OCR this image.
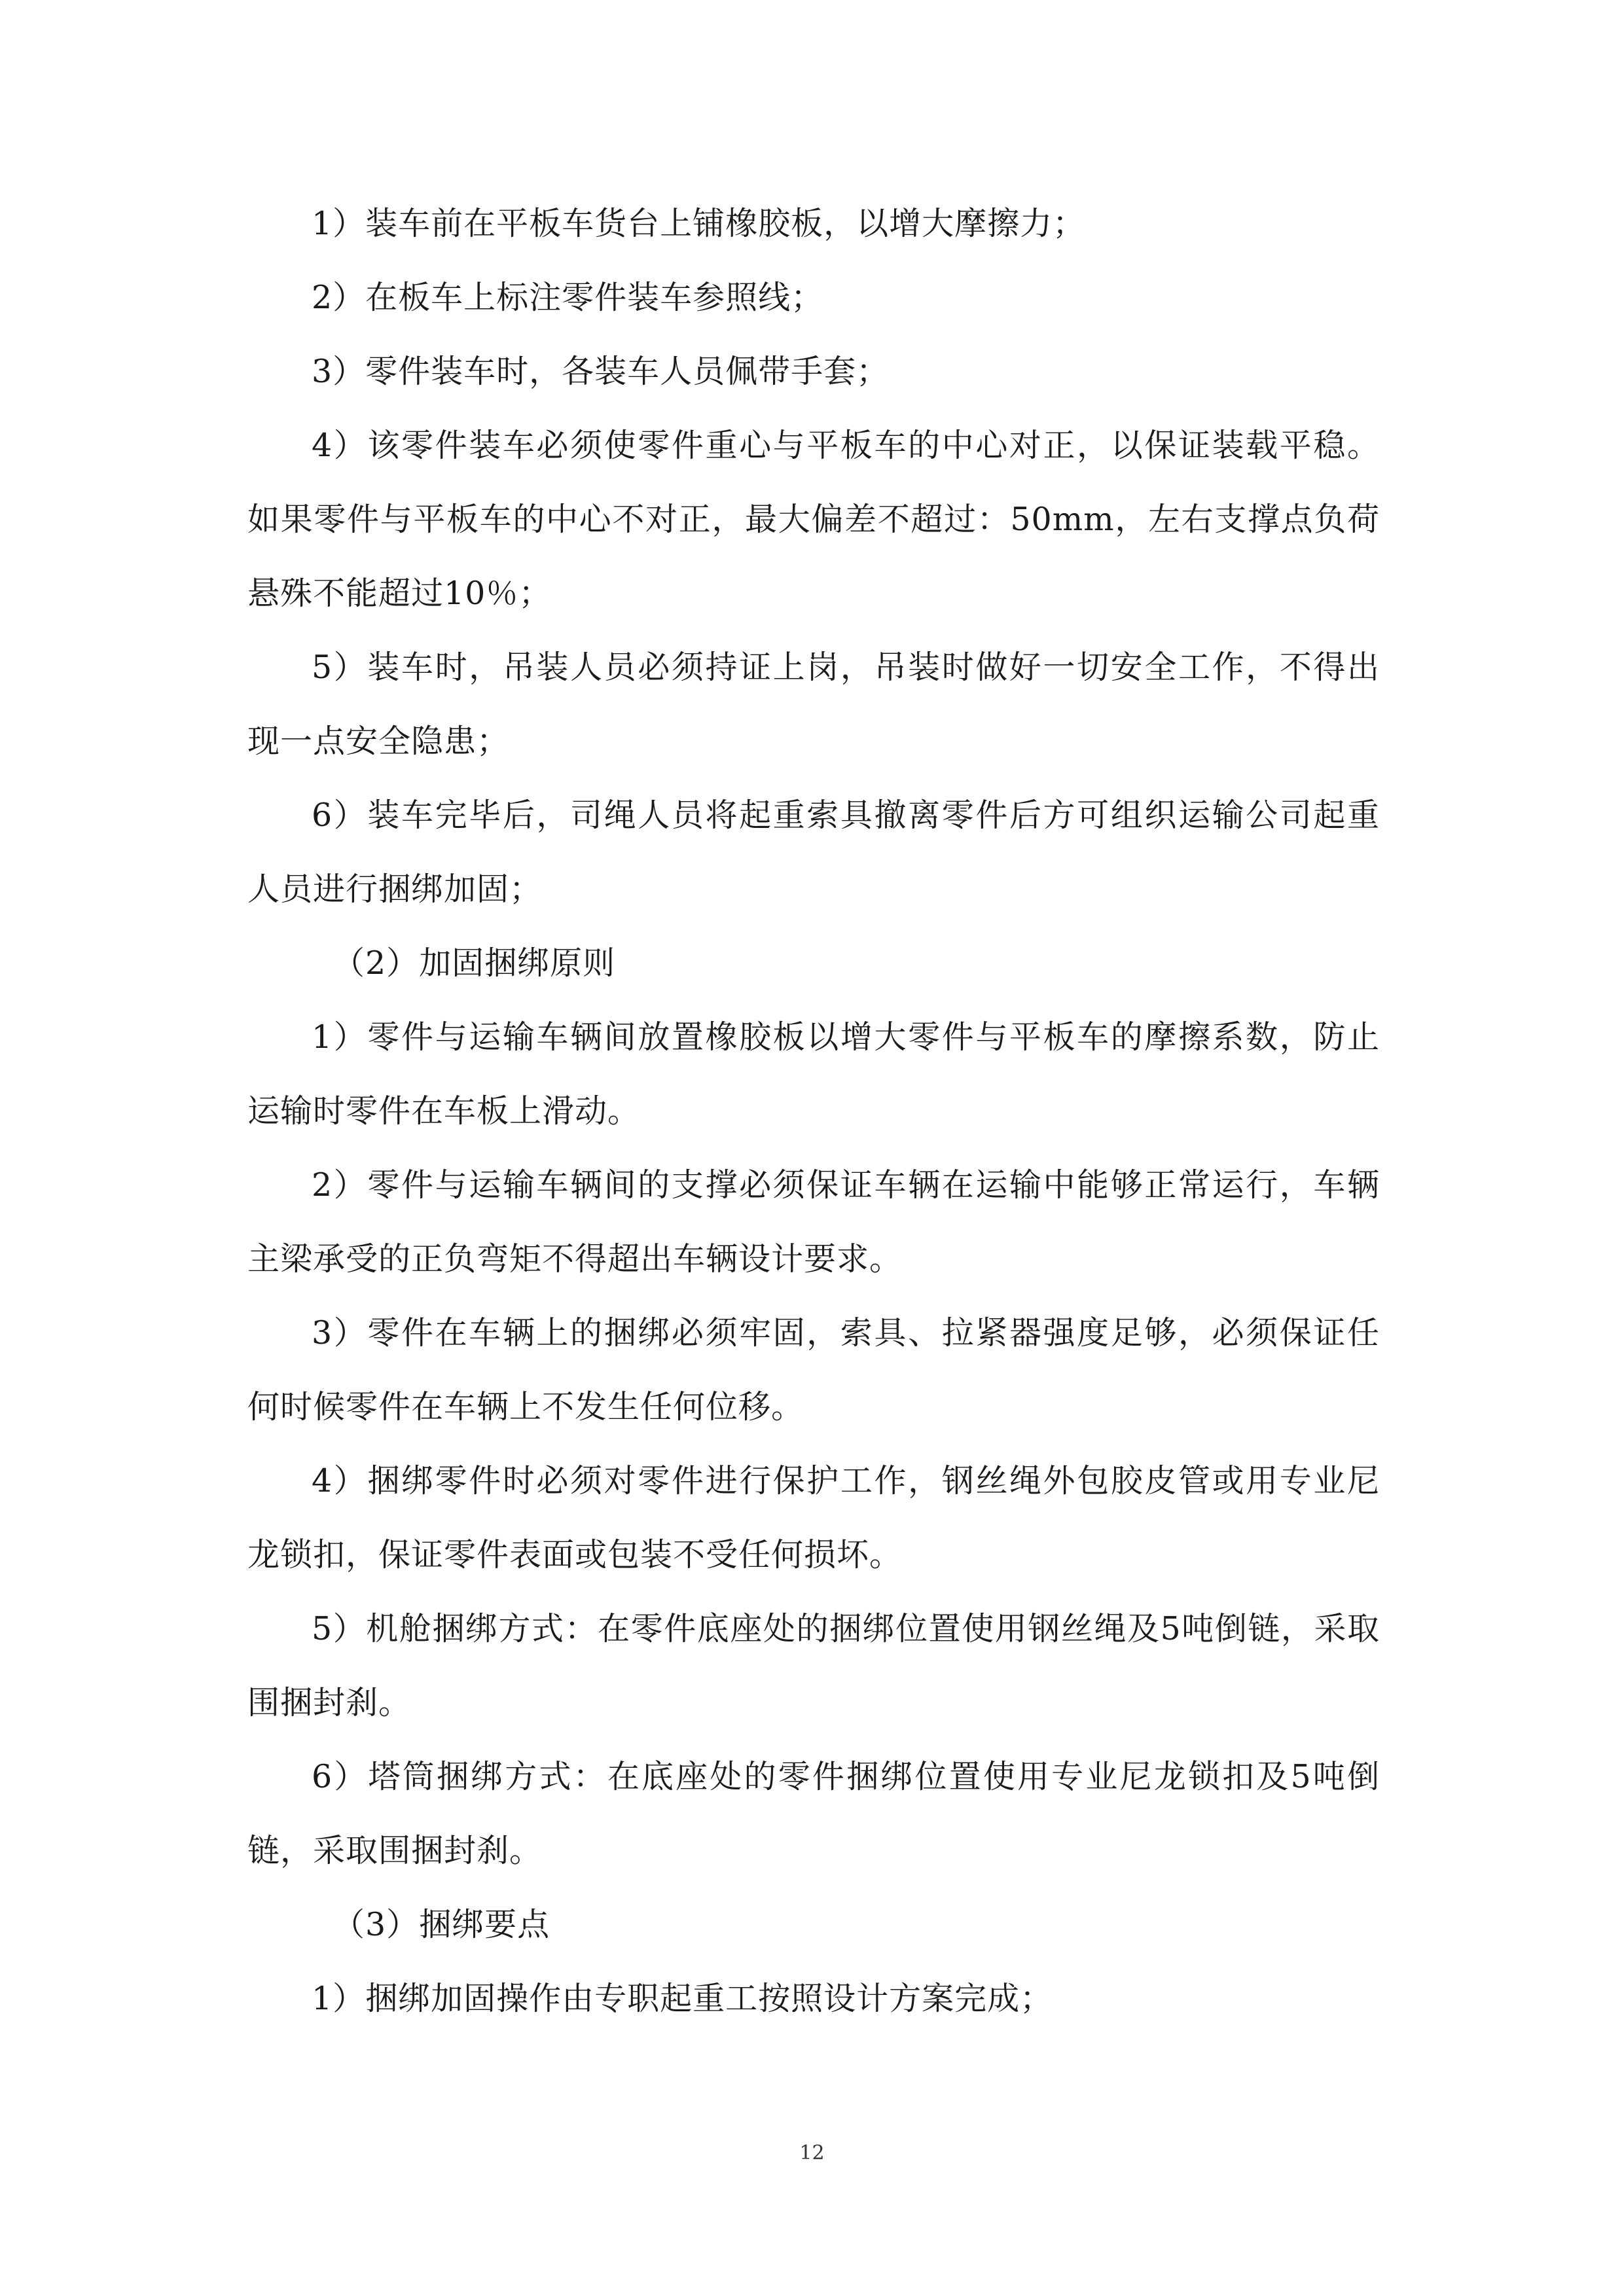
1）装车前在平板车货台上铺橡胶板，以增大摩擦力；

2）在板车上标注零件装车参照线；

3）零件装车时，各装车人员佩带手套；

4）该零件装车必须使零件重心与平板车的中心对正，以保证装载平稳。如果零件与平板车的中心不对正，最大偏差不超过：50mm，左右支撑点负荷悬殊不能超过10％；

5）装车时，吊装人员必须持证上岗，吊装时做好一切安全工作，不得出现一点安全隐患；

6）装车完毕后，司绳人员将起重索具撤离零件后方可组织运输公司起重人员进行捆绑加固；

（2）加固捆绑原则

1）零件与运输车辆间放置橡胶板以增大零件与平板车的摩擦系数，防止运输时零件在车板上滑动。

2）零件与运输车辆间的支撑必须保证车辆在运输中能够正常运行，车辆主梁承受的正负弯矩不得超出车辆设计要求。

3）零件在车辆上的捆绑必须牢固，索具、拉紧器强度足够，必须保证任何时候零件在车辆上不发生任何位移。

4）捆绑零件时必须对零件进行保护工作，钢丝绳外包胶皮管或用专业尼龙锁扣，保证零件表面或包装不受任何损坏。

5）机舱捆绑方式：在零件底座处的捆绑位置使用钢丝绳及5吨倒链，采取围捆封刹。

6）塔筒捆绑方式：在底座处的零件捆绑位置使用专业尼龙锁扣及5吨倒链，采取围捆封刹。

（3）捆绑要点

1）捆绑加固操作由专职起重工按照设计方案完成；

12
